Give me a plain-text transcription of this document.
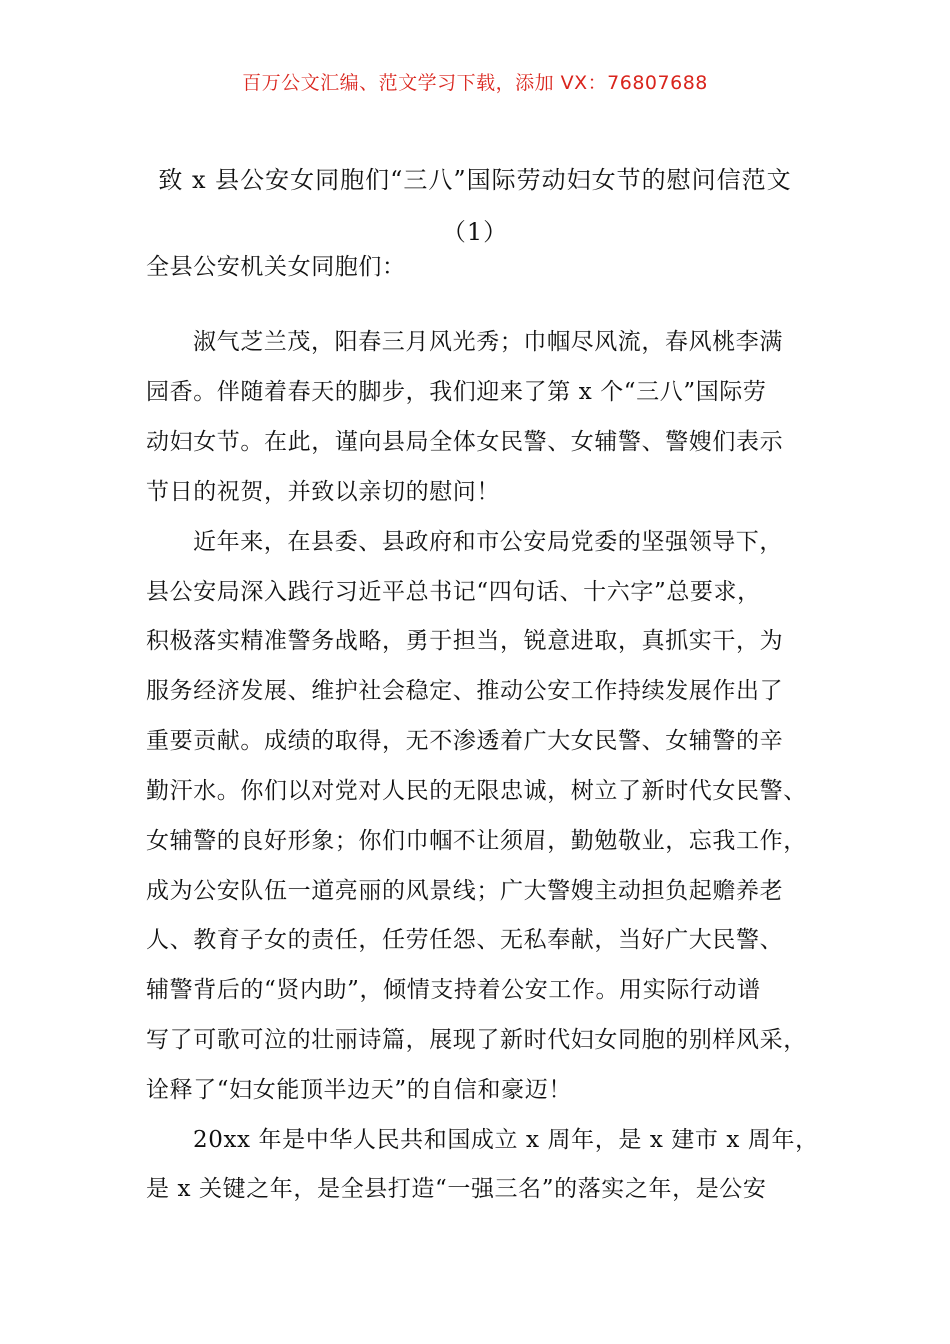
百万公文汇编、范文学习下载，添加 VX：76807688
致 x 县公安女同胞们“三八”国际劳动妇女节的慰问信范文
（1）
全县公安机关女同胞们：
淑气芝兰茂，阳春三月风光秀；巾帼尽风流，春风桃李满
园香。伴随着春天的脚步，我们迎来了第 x 个“三八”国际劳
动妇女节。在此，谨向县局全体女民警、女辅警、警嫂们表示
节日的祝贺，并致以亲切的慰问！
近年来，在县委、县政府和市公安局党委的坚强领导下，
县公安局深入践行习近平总书记“四句话、十六字”总要求，
积极落实精准警务战略，勇于担当，锐意进取，真抓实干，为
服务经济发展、维护社会稳定、推动公安工作持续发展作出了
重要贡献。成绩的取得，无不渗透着广大女民警、女辅警的辛
勤汗水。你们以对党对人民的无限忠诚，树立了新时代女民警、
女辅警的良好形象；你们巾帼不让须眉，勤勉敬业，忘我工作，
成为公安队伍一道亮丽的风景线；广大警嫂主动担负起赡养老
人、教育子女的责任，任劳任怨、无私奉献，当好广大民警、
辅警背后的“贤内助”，倾情支持着公安工作。用实际行动谱
写了可歌可泣的壮丽诗篇，展现了新时代妇女同胞的别样风采，
诠释了“妇女能顶半边天”的自信和豪迈！
20xx 年是中华人民共和国成立 x 周年，是 x 建市 x 周年，
是 x 关键之年，是全县打造“一强三名”的落实之年，是公安
